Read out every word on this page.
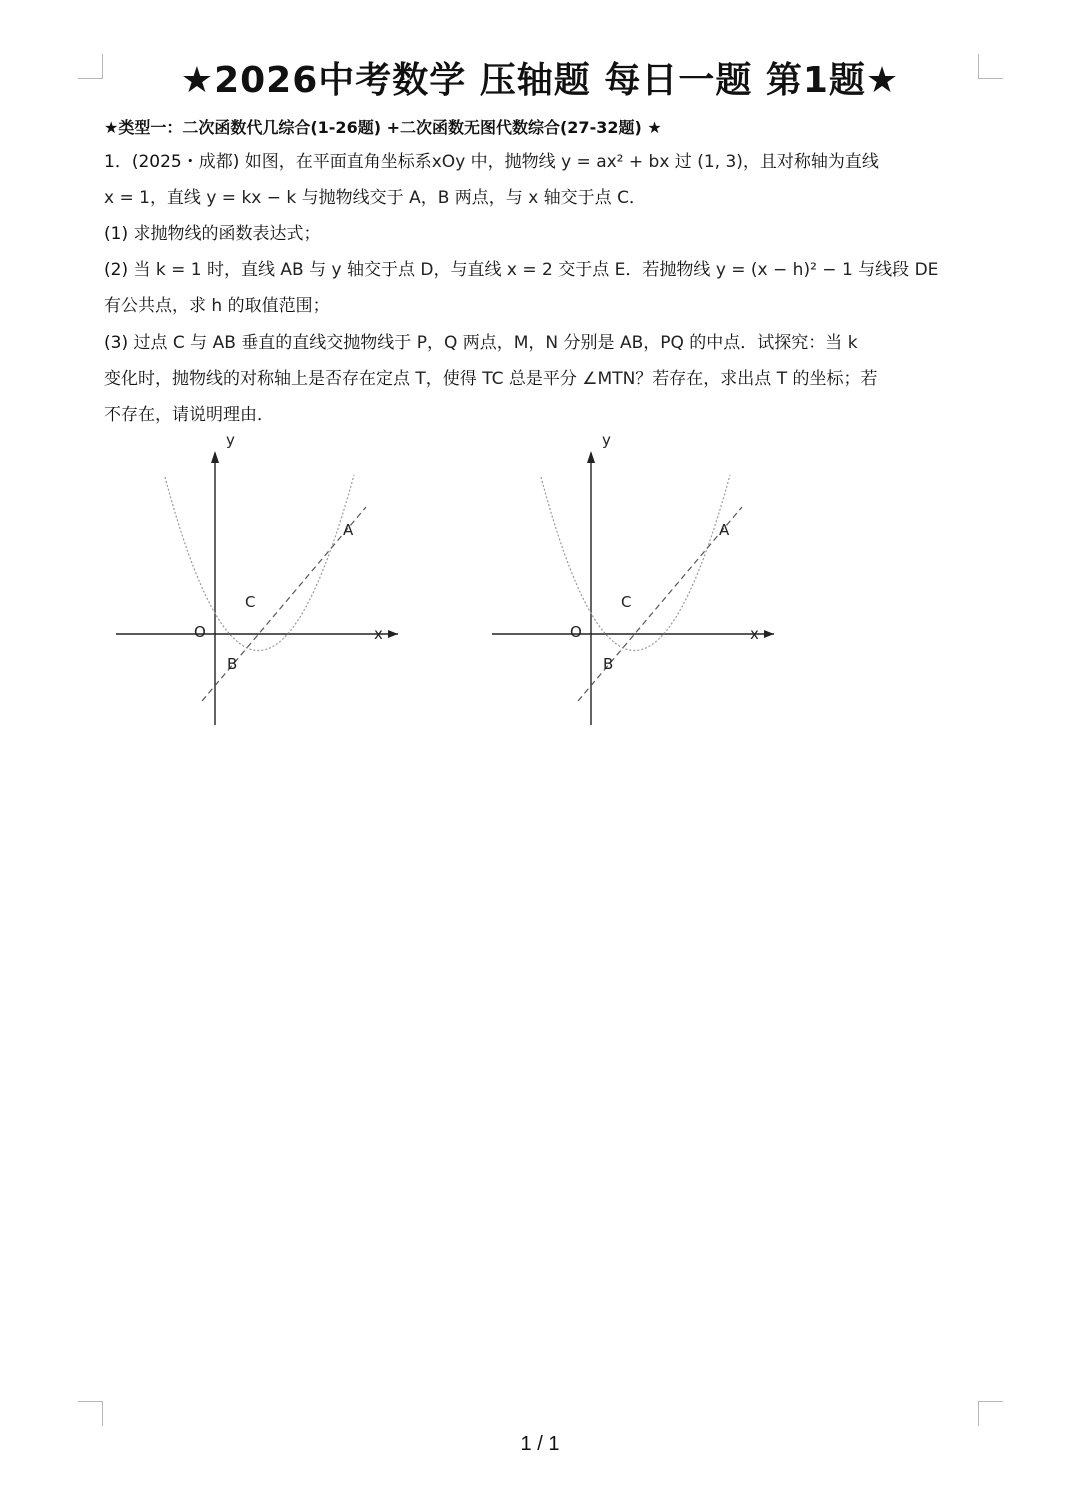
★2026中考数学 压轴题 每日一题 第1题★
★类型一：二次函数代几综合(1-26题) +二次函数无图代数综合(27-32题) ★
1．(2025・成都) 如图，在平面直角坐标系xOy 中，抛物线 y = ax² + bx 过 (1, 3)，且对称轴为直线
x = 1，直线 y = kx − k 与抛物线交于 A，B 两点，与 x 轴交于点 C．
(1) 求抛物线的函数表达式；
(2) 当 k = 1 时，直线 AB 与 y 轴交于点 D，与直线 x = 2 交于点 E．若抛物线 y = (x − h)² − 1 与线段 DE
有公共点，求 h 的取值范围；
(3) 过点 C 与 AB 垂直的直线交抛物线于 P，Q 两点，M，N 分别是 AB，PQ 的中点．试探究：当 k
变化时，抛物线的对称轴上是否存在定点 T，使得 TC 总是平分 ∠MTN？若存在，求出点 T 的坐标；若
不存在，请说明理由．
y
x
O
A
B
C
y
x
O
A
B
C
1 / 1
